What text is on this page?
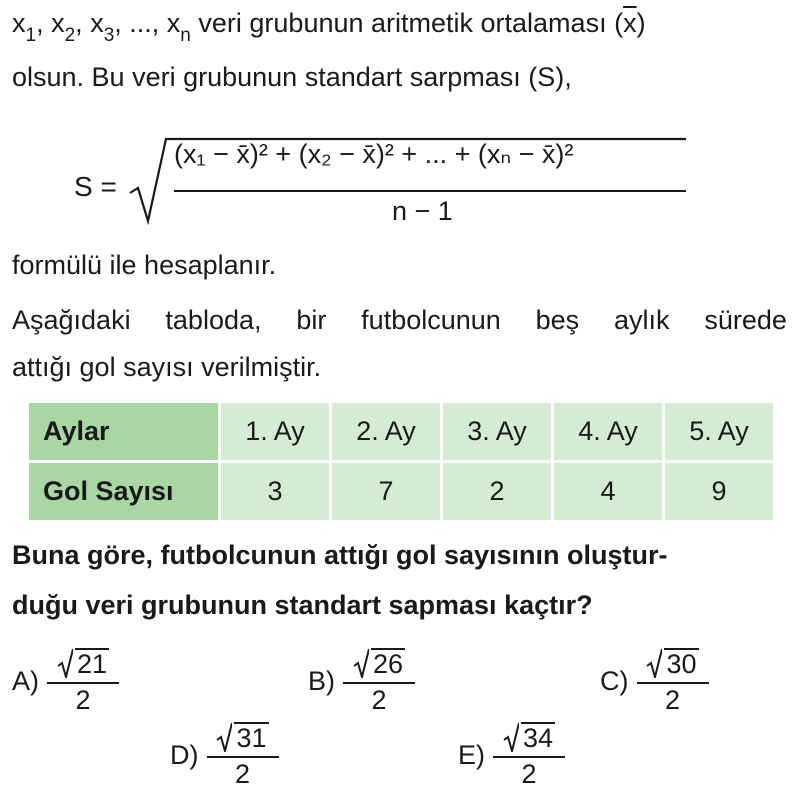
$x_1$, $x_2$, $x_3$, ..., $x_n$ veri grubunun aritmetik ortalaması $(\overline{x})$
olsun. Bu veri grubunun standart sarpması (S),
S =
(x₁ − x̄)² + (x₂ − x̄)² + ... + (xₙ − x̄)²
n − 1
formülü ile hesaplanır.
Aşağıdaki tabloda, bir futbolcunun beş aylık sürede
attığı gol sayısı verilmiştir.
Aylar	1. Ay	2. Ay	3. Ay	4. Ay	5. Ay
Gol Sayısı	3	7	2	4	9
Buna göre, futbolcunun attığı gol sayısının oluştur-
duğu veri grubunun standart sapması kaçtır?
$A) \frac{21}{2}$	$B) \frac{26}{2}$	$C) \frac{30}{2}$
$D) \frac{31}{2}$	$E) \frac{34}{2}$
